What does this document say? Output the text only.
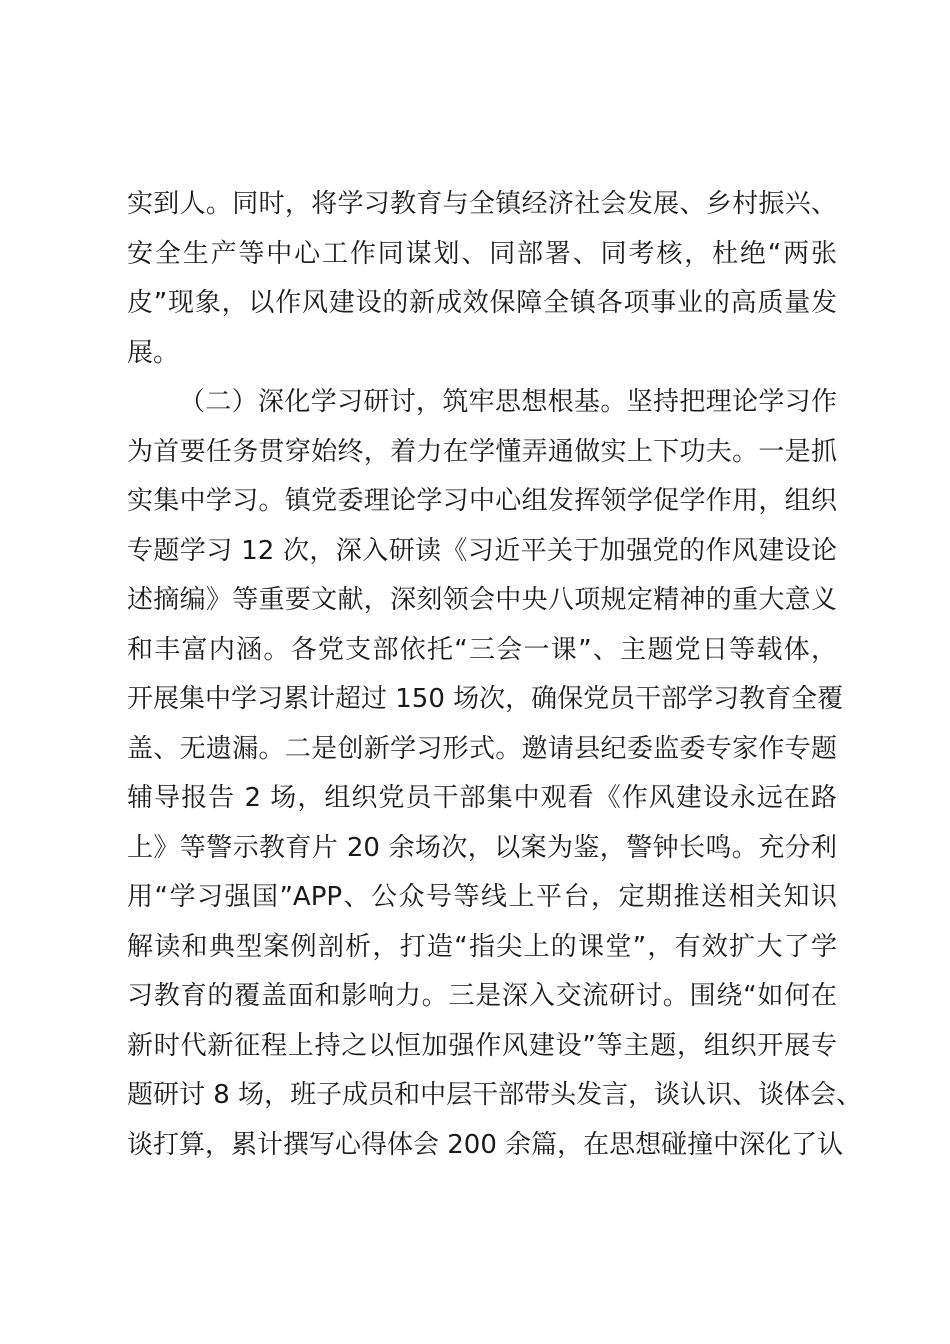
实到人。同时，将学习教育与全镇经济社会发展、乡村振兴、
安全生产等中心工作同谋划、同部署、同考核，杜绝“两张
皮”现象，以作风建设的新成效保障全镇各项事业的高质量发
展。
（二）深化学习研讨，筑牢思想根基。坚持把理论学习作
为首要任务贯穿始终，着力在学懂弄通做实上下功夫。一是抓
实集中学习。镇党委理论学习中心组发挥领学促学作用，组织
专题学习 12 次，深入研读《习近平关于加强党的作风建设论
述摘编》等重要文献，深刻领会中央八项规定精神的重大意义
和丰富内涵。各党支部依托“三会一课”、主题党日等载体，
开展集中学习累计超过 150 场次，确保党员干部学习教育全覆
盖、无遗漏。二是创新学习形式。邀请县纪委监委专家作专题
辅导报告 2 场，组织党员干部集中观看《作风建设永远在路
上》等警示教育片 20 余场次，以案为鉴，警钟长鸣。充分利
用“学习强国”APP、公众号等线上平台，定期推送相关知识
解读和典型案例剖析，打造“指尖上的课堂”，有效扩大了学
习教育的覆盖面和影响力。三是深入交流研讨。围绕“如何在
新时代新征程上持之以恒加强作风建设”等主题，组织开展专
题研讨 8 场，班子成员和中层干部带头发言，谈认识、谈体会、
谈打算，累计撰写心得体会 200 余篇，在思想碰撞中深化了认
